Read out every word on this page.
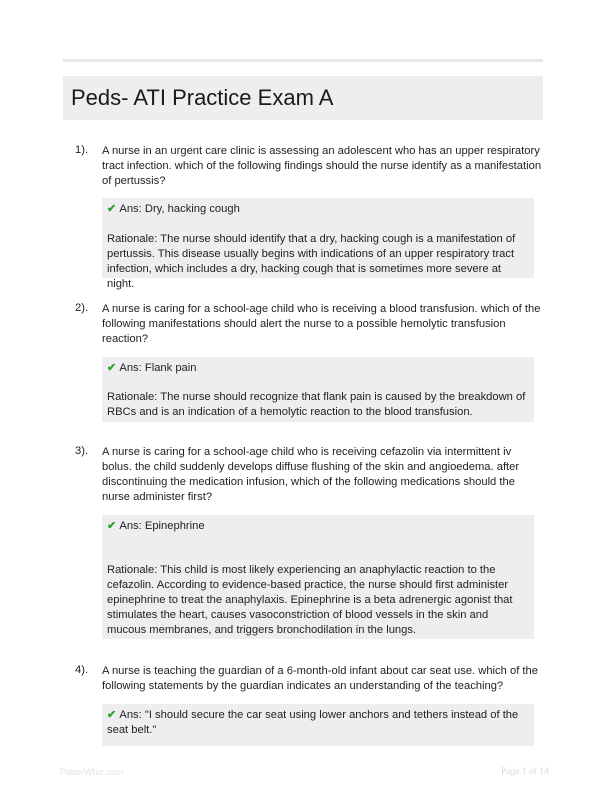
Peds- ATI Practice Exam A
1). A nurse in an urgent care clinic is assessing an adolescent who has an upper respiratory tract infection. which of the following findings should the nurse identify as a manifestation of pertussis?
✔ Ans: Dry, hacking cough
Rationale: The nurse should identify that a dry, hacking cough is a manifestation of pertussis. This disease usually begins with indications of an upper respiratory tract infection, which includes a dry, hacking cough that is sometimes more severe at night.
2). A nurse is caring for a school-age child who is receiving a blood transfusion. which of the following manifestations should alert the nurse to a possible hemolytic transfusion reaction?
✔ Ans: Flank pain
Rationale: The nurse should recognize that flank pain is caused by the breakdown of RBCs and is an indication of a hemolytic reaction to the blood transfusion.
3). A nurse is caring for a school-age child who is receiving cefazolin via intermittent iv bolus. the child suddenly develops diffuse flushing of the skin and angioedema. after discontinuing the medication infusion, which of the following medications should the nurse administer first?
✔ Ans: Epinephrine
Rationale: This child is most likely experiencing an anaphylactic reaction to the cefazolin. According to evidence-based practice, the nurse should first administer epinephrine to treat the anaphylaxis. Epinephrine is a beta adrenergic agonist that stimulates the heart, causes vasoconstriction of blood vessels in the skin and mucous membranes, and triggers bronchodilation in the lungs.
4). A nurse is teaching the guardian of a 6-month-old infant about car seat use. which of the following statements by the guardian indicates an understanding of the teaching?
✔ Ans: "I should secure the car seat using lower anchors and tethers instead of the seat belt."
PaperWhiz.com	Page 1 of 14
